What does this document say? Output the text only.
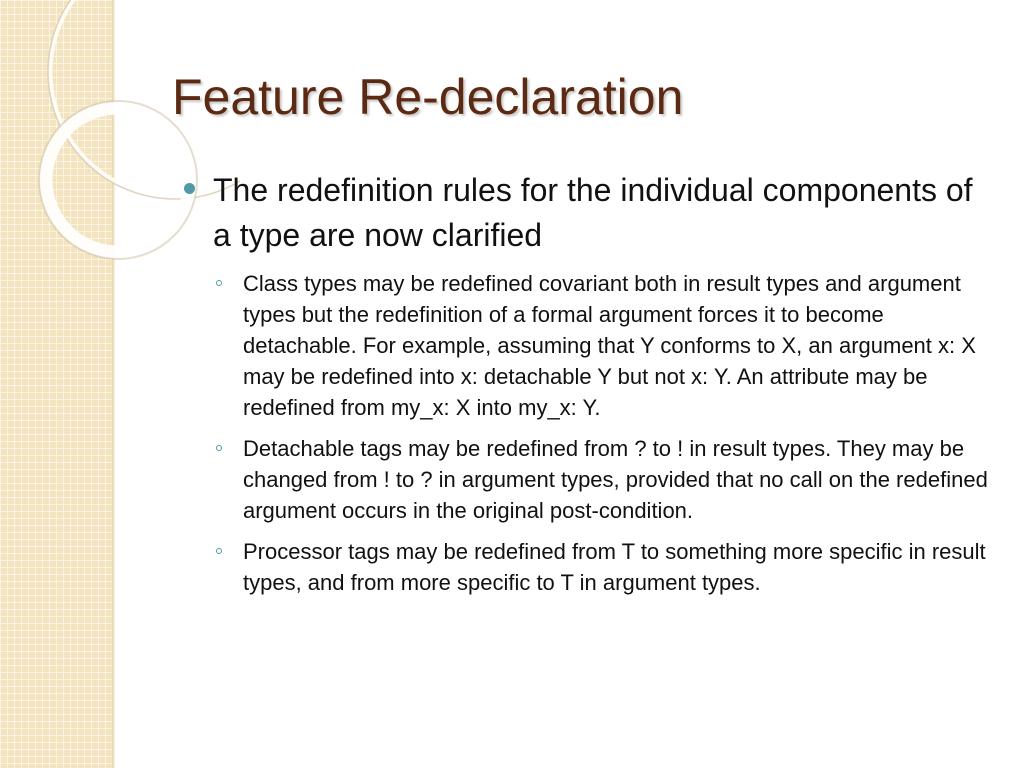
Feature Re-declaration
The redefinition rules for the individual components of a type are now clarified
Class types may be redefined covariant both in result types and argument types but the redefinition of a formal argument forces it to become detachable. For example, assuming that Y conforms to X, an argument x: X may be redefined into x: detachable Y but not x: Y. An attribute may be redefined from my_x: X into my_x: Y.
Detachable tags may be redefined from ? to ! in result types. They may be changed from ! to ? in argument types, provided that no call on the redefined argument occurs in the original post-condition.
Processor tags may be redefined from T to something more specific in result types, and from more specific to T in argument types.
